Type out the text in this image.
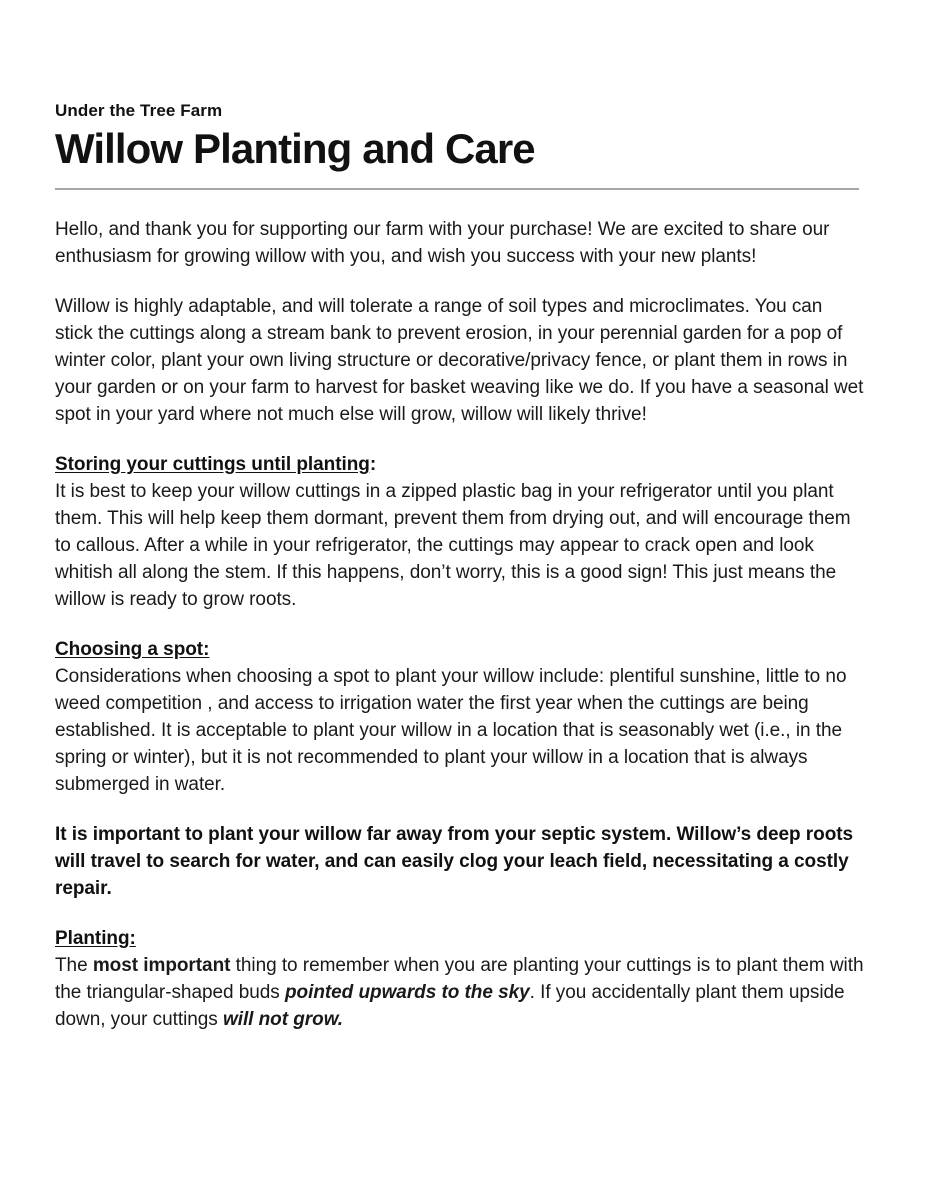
Under the Tree Farm
Willow Planting and Care

Hello, and thank you for supporting our farm with your purchase! We are excited to share our enthusiasm for growing willow with you, and wish you success with your new plants!

Willow is highly adaptable, and will tolerate a range of soil types and microclimates. You can stick the cuttings along a stream bank to prevent erosion, in your perennial garden for a pop of winter color, plant your own living structure or decorative/privacy fence, or plant them in rows in your garden or on your farm to harvest for basket weaving like we do. If you have a seasonal wet spot in your yard where not much else will grow, willow will likely thrive!

Storing your cuttings until planting:

It is best to keep your willow cuttings in a zipped plastic bag in your refrigerator until you plant them. This will help keep them dormant, prevent them from drying out, and will encourage them to callous. After a while in your refrigerator, the cuttings may appear to crack open and look whitish all along the stem. If this happens, don’t worry, this is a good sign! This just means the willow is ready to grow roots.

Choosing a spot:

Considerations when choosing a spot to plant your willow include: plentiful sunshine, little to no weed competition , and access to irrigation water the first year when the cuttings are being established. It is acceptable to plant your willow in a location that is seasonably wet (i.e., in the spring or winter), but it is not recommended to plant your willow in a location that is always submerged in water.

It is important to plant your willow far away from your septic system. Willow’s deep roots will travel to search for water, and can easily clog your leach field, necessitating a costly repair.

Planting:

The most important thing to remember when you are planting your cuttings is to plant them with the triangular-shaped buds pointed upwards to the sky. If you accidentally plant them upside down, your cuttings will not grow.
